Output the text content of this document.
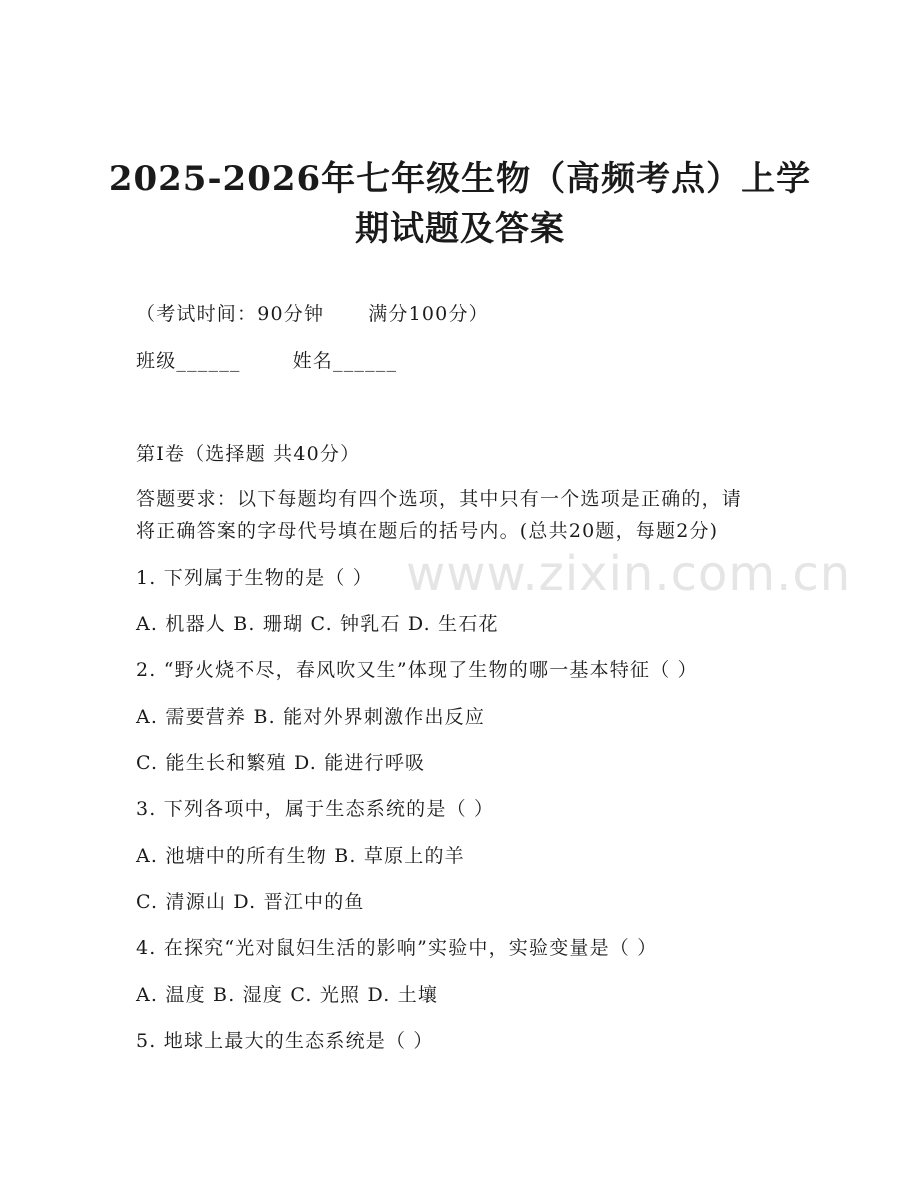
2025-2026年七年级生物（高频考点）上学
期试题及答案
（考试时间：90分钟 满分100分）
班级______	姓名______
第Ⅰ卷（选择题 共40分）
答题要求：以下每题均有四个选项，其中只有一个选项是正确的，请
将正确答案的字母代号填在题后的括号内。(总共20题，每题2分)
1. 下列属于生物的是（ ）
A. 机器人 B. 珊瑚 C. 钟乳石 D. 生石花
2. “野火烧不尽，春风吹又生”体现了生物的哪一基本特征（ ）
A. 需要营养 B. 能对外界刺激作出反应
C. 能生长和繁殖 D. 能进行呼吸
3. 下列各项中，属于生态系统的是（ ）
A. 池塘中的所有生物 B. 草原上的羊
C. 清源山 D. 晋江中的鱼
4. 在探究“光对鼠妇生活的影响”实验中，实验变量是（ ）
A. 温度 B. 湿度 C. 光照 D. 土壤
5. 地球上最大的生态系统是（ ）
www.zixin.com.cn
